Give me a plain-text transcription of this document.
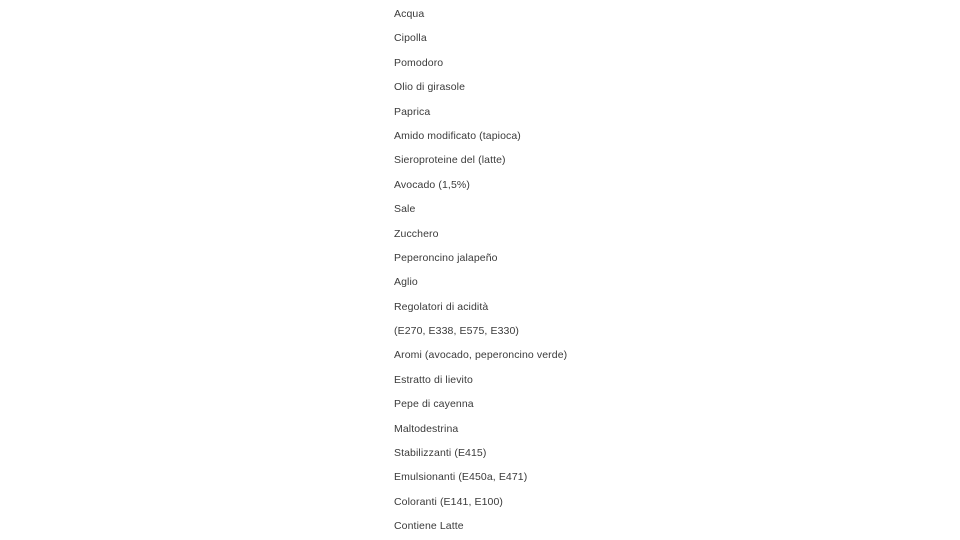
Acqua
Cipolla
Pomodoro
Olio di girasole
Paprica
Amido modificato (tapioca)
Sieroproteine del (latte)
Avocado (1,5%)
Sale
Zucchero
Peperoncino jalapeño
Aglio
Regolatori di acidità
(E270, E338, E575, E330)
Aromi (avocado, peperoncino verde)
Estratto di lievito
Pepe di cayenna
Maltodestrina
Stabilizzanti (E415)
Emulsionanti (E450a, E471)
Coloranti (E141, E100)
Contiene Latte
